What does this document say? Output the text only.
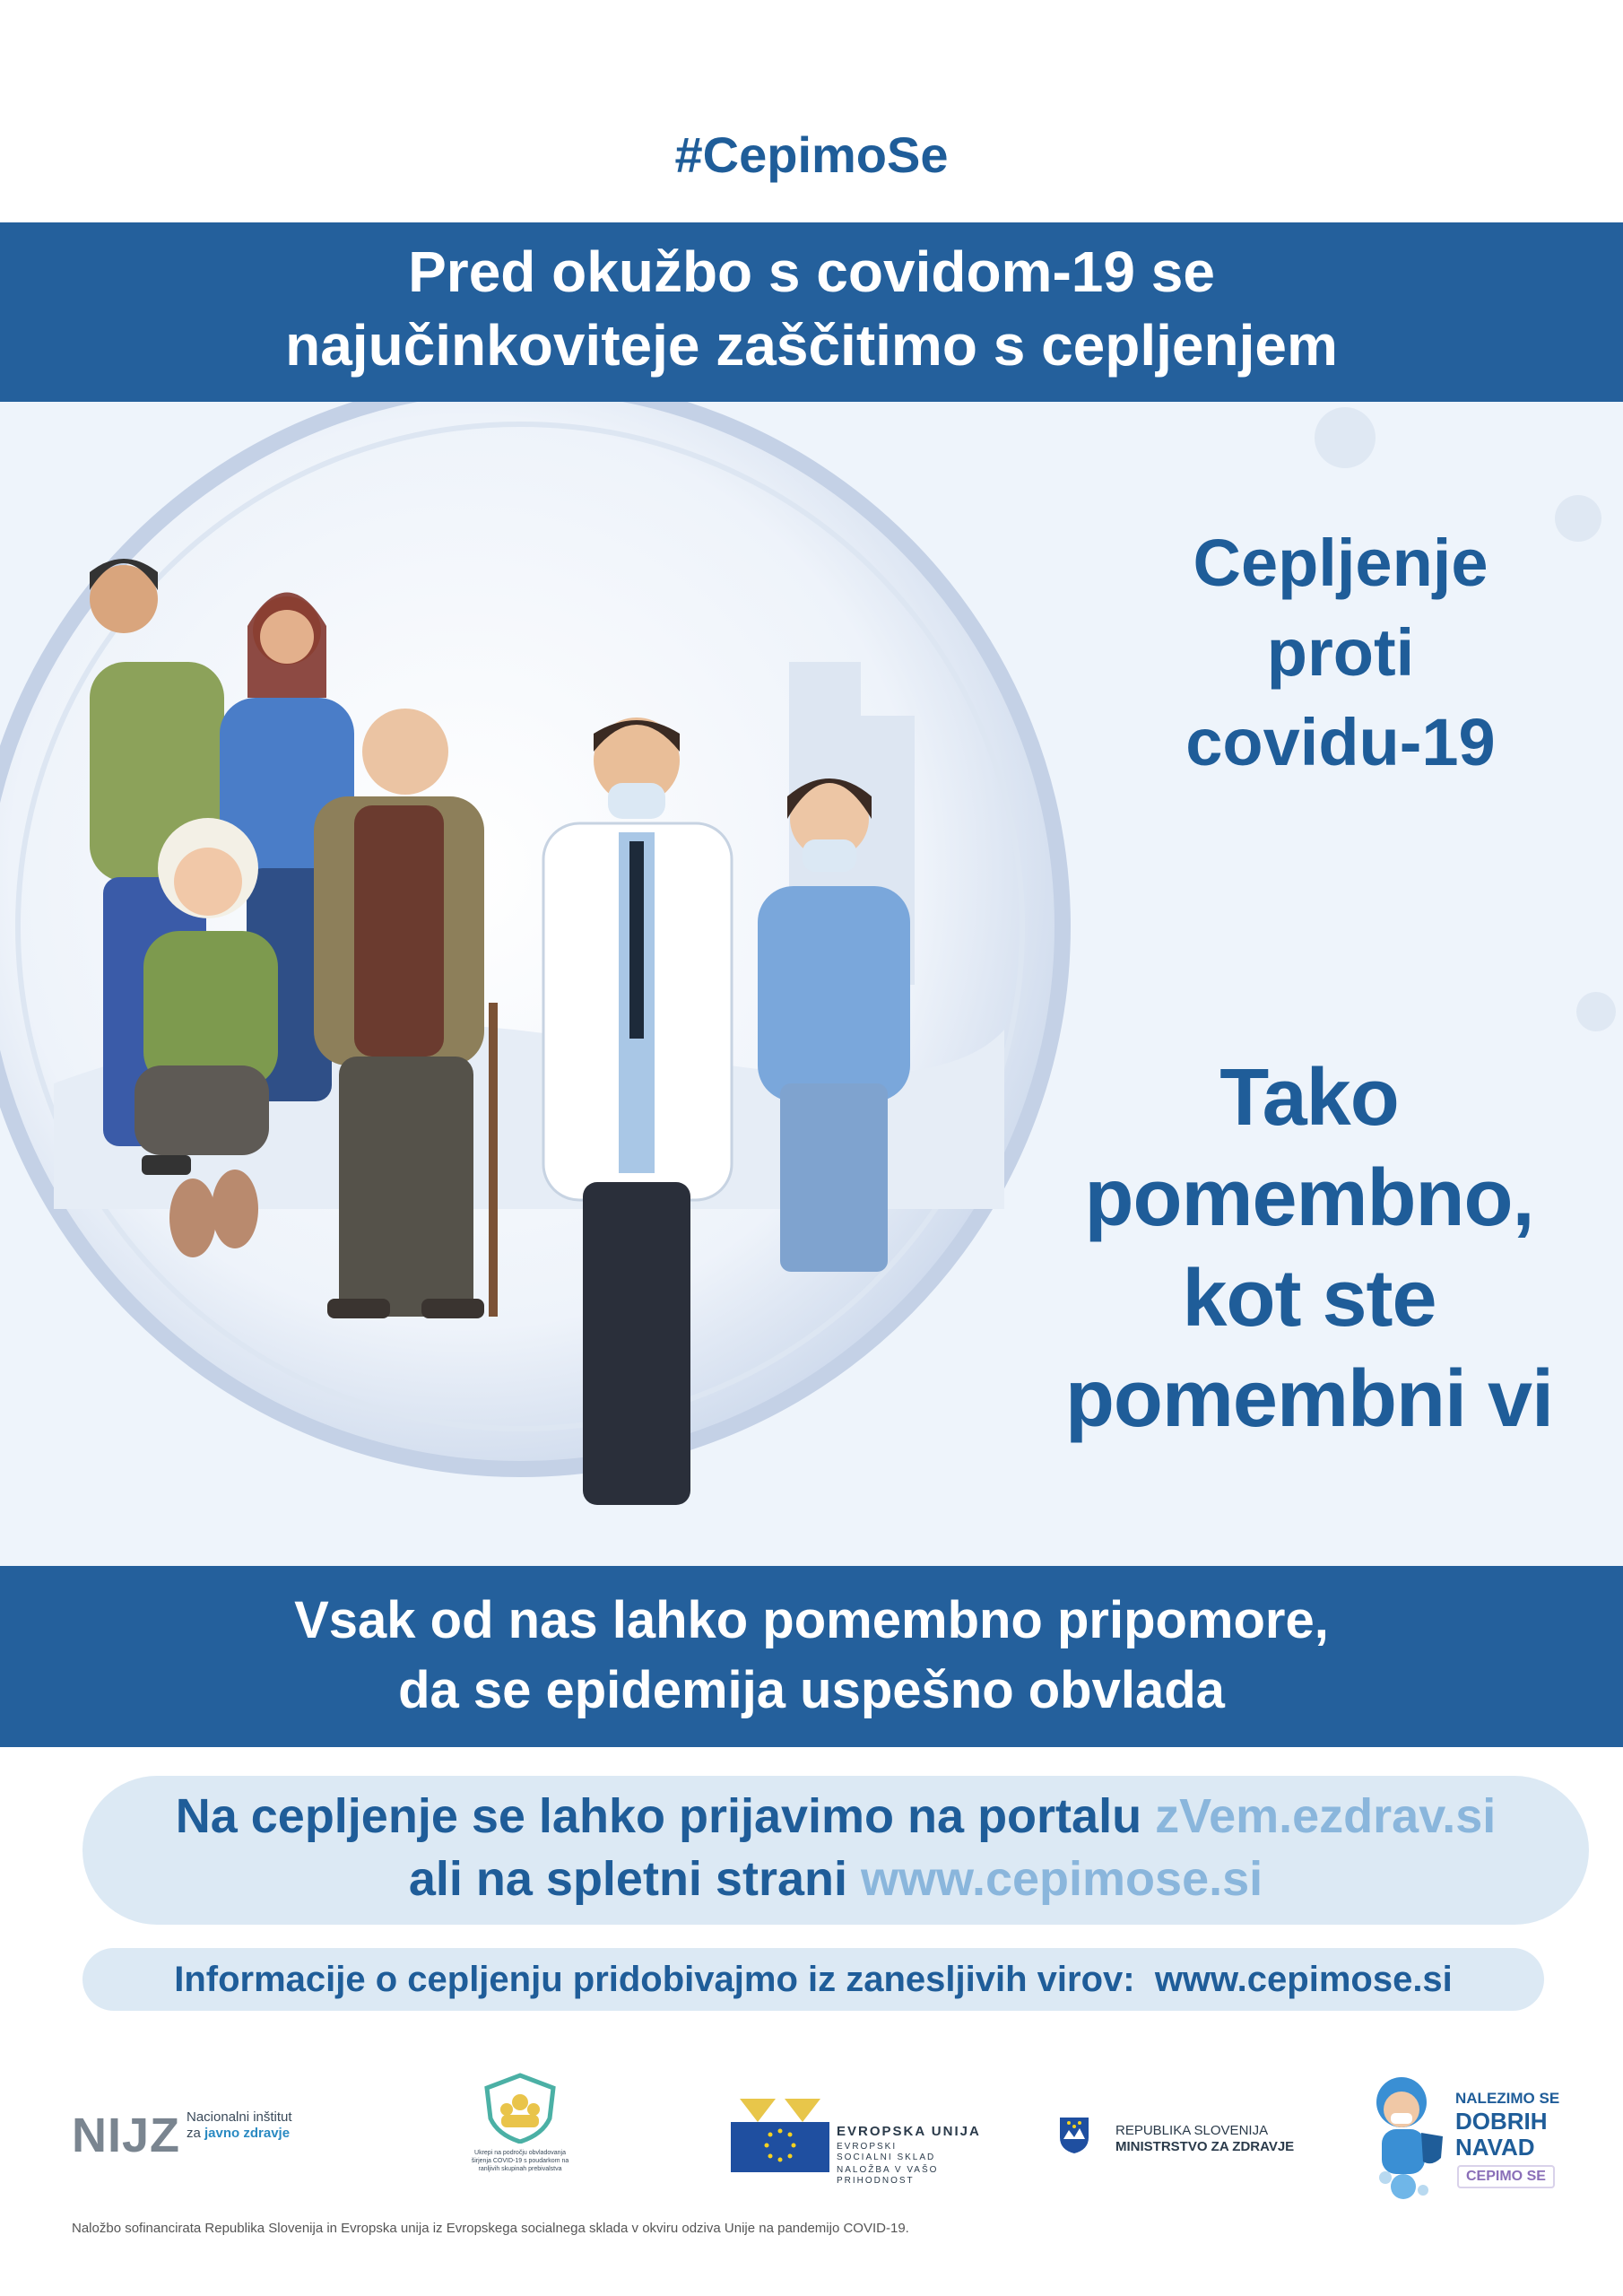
#CepimoSe
Pred okužbo s covidom-19 se
najučinkoviteje zaščitimo s cepljenjem
Cepljenje
proti
covidu-19
Tako
pomembno,
kot ste
pomembni vi
Vsak od nas lahko pomembno pripomore,
da se epidemija uspešno obvlada
Na cepljenje se lahko prijavimo na portalu zVem.ezdrav.si
ali na spletni strani www.cepimose.si
Informacije o cepljenju pridobivajmo iz zanesljivih virov: www.cepimose.si
NIJZ Nacionalni inštitut
za javno zdravje
Ukrepi na področju obvladovanja
širjenja COVID-19 s poudarkom na
ranljivih skupinah prebivalstva
EVROPSKA UNIJA
EVROPSKI
SOCIALNI SKLAD
NALOŽBA V VAŠO PRIHODNOST
REPUBLIKA SLOVENIJA
MINISTRSTVO ZA ZDRAVJE
NALEZIMO SE
DOBRIH
NAVAD
CEPIMO SE
Naložbo sofinancirata Republika Slovenija in Evropska unija iz Evropskega socialnega sklada v okviru odziva Unije na pandemijo COVID-19.
